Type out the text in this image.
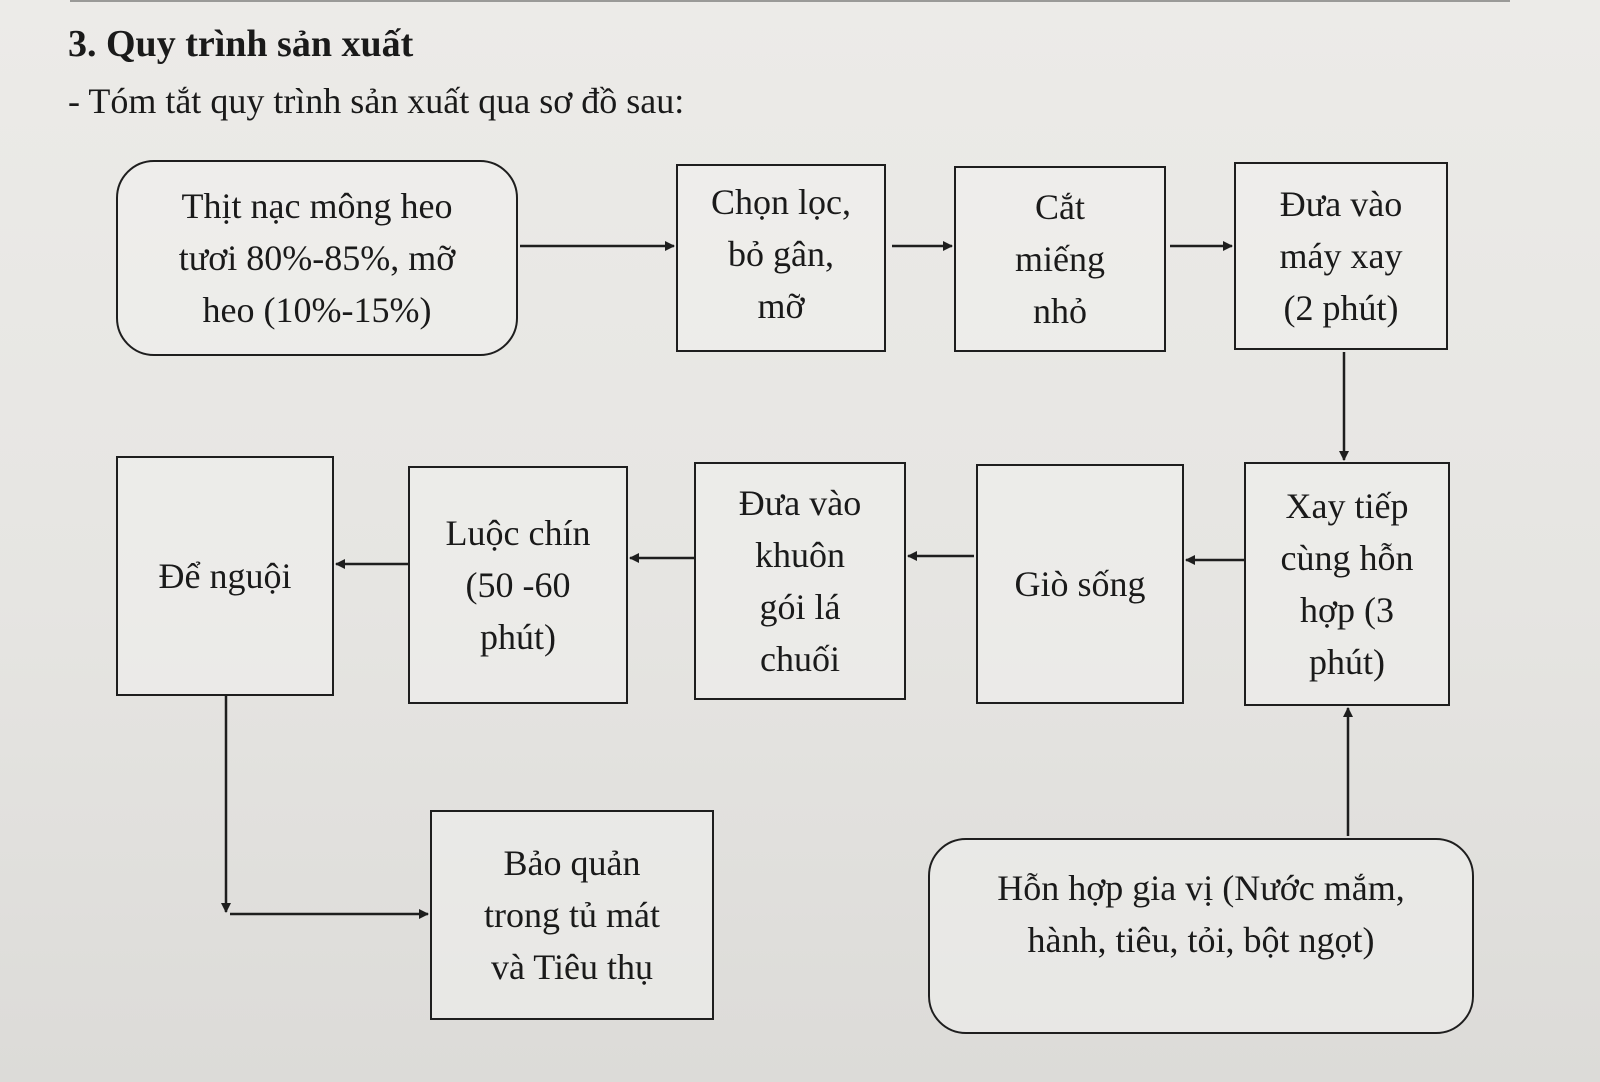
3. Quy trình sản xuất
- Tóm tắt quy trình sản xuất qua sơ đồ sau:
Thịt nạc mông heo
tươi 80%-85%, mỡ
heo (10%-15%)
Chọn lọc,
bỏ gân,
mỡ
Cắt
miếng
nhỏ
Đưa vào
máy xay
(2 phút)
Để nguội
Luộc chín
(50 -60
phút)
Đưa vào
khuôn
gói lá
chuối
Giò sống
Xay tiếp
cùng hỗn
hợp (3
phút)
Bảo quản
trong tủ mát
và Tiêu thụ
Hỗn hợp gia vị (Nước mắm,
hành, tiêu, tỏi, bột ngọt)
